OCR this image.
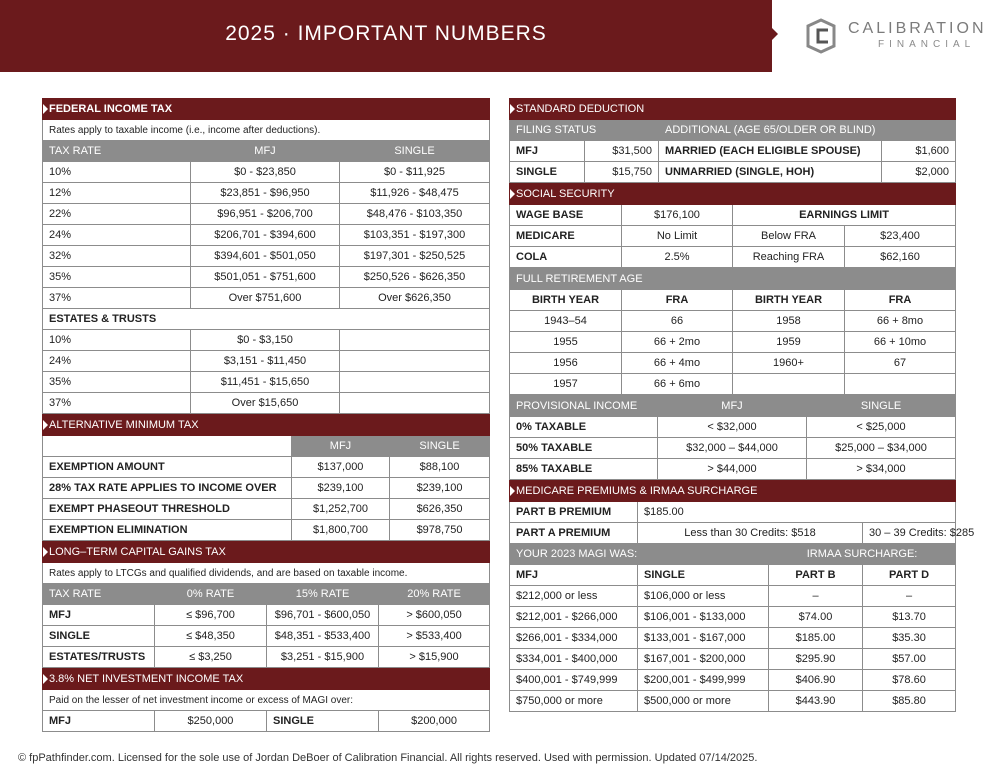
2025 · IMPORTANT NUMBERS	CALIBRATION
FINANCIAL
FEDERAL INCOME TAX		
Rates apply to taxable income (i.e., income after deductions).		
TAX RATE	MFJ	SINGLE
10%	$0 - $23,850	$0 - $11,925
12%	$23,851 - $96,950	$11,926 - $48,475
22%	$96,951 - $206,700	$48,476 - $103,350
24%	$206,701 - $394,600	$103,351 - $197,300
32%	$394,601 - $501,050	$197,301 - $250,525
35%	$501,051 - $751,600	$250,526 - $626,350
37%	Over $751,600	Over $626,350
ESTATES & TRUSTS		
10%	$0 - $3,150	
24%	$3,151 - $11,450	
35%	$11,451 - $15,650	
37%	Over $15,650	
ALTERNATIVE MINIMUM TAX		
	MFJ	SINGLE
EXEMPTION AMOUNT	$137,000	$88,100
28% TAX RATE APPLIES TO INCOME OVER	$239,100	$239,100
EXEMPT PHASEOUT THRESHOLD	$1,252,700	$626,350
EXEMPTION ELIMINATION	$1,800,700	$978,750
LONG–TERM CAPITAL GAINS TAX			
Rates apply to LTCGs and qualified dividends, and are based on taxable income.			
TAX RATE	0% RATE	15% RATE	20% RATE
MFJ	≤ $96,700	$96,701 - $600,050	> $600,050
SINGLE	≤ $48,350	$48,351 - $533,400	> $533,400
ESTATES/TRUSTS	≤ $3,250	$3,251 - $15,900	> $15,900
3.8% NET INVESTMENT INCOME TAX
Paid on the lesser of net investment income or excess of MAGI over:
MFJ	$250,000	SINGLE	$200,000
STANDARD DEDUCTION			
FILING STATUS		ADDITIONAL (AGE 65/OLDER OR BLIND)	
MFJ	$31,500	MARRIED (EACH ELIGIBLE SPOUSE)	$1,600
SINGLE	$15,750	UNMARRIED (SINGLE, HOH)	$2,000
SOCIAL SECURITY			
WAGE BASE	$176,100	EARNINGS LIMIT	
MEDICARE	No Limit	Below FRA	$23,400
COLA	2.5%	Reaching FRA	$62,160
FULL RETIREMENT AGE			
BIRTH YEAR	FRA	BIRTH YEAR	FRA
1943–54	66	1958	66 + 8mo
1955	66 + 2mo	1959	66 + 10mo
1956	66 + 4mo	1960+	67
1957	66 + 6mo		
PROVISIONAL INCOME	MFJ	SINGLE
0% TAXABLE	< $32,000	< $25,000
50% TAXABLE	$32,000 – $44,000	$25,000 – $34,000
85% TAXABLE	> $44,000	> $34,000
MEDICARE PREMIUMS & IRMAA SURCHARGE			
PART B PREMIUM	$185.00		
PART A PREMIUM	Less than 30 Credits: $518		30 – 39 Credits: $285
YOUR 2023 MAGI WAS:		IRMAA SURCHARGE:	
MFJ	SINGLE	PART B	PART D
$212,000 or less	$106,000 or less	–	–
$212,001 - $266,000	$106,001 - $133,000	$74.00	$13.70
$266,001 - $334,000	$133,001 - $167,000	$185.00	$35.30
$334,001 - $400,000	$167,001 - $200,000	$295.90	$57.00
$400,001 - $749,999	$200,001 - $499,999	$406.90	$78.60
$750,000 or more	$500,000 or more	$443.90	$85.80
© fpPathfinder.com. Licensed for the sole use of Jordan DeBoer of Calibration Financial. All rights reserved. Used with permission. Updated 07/14/2025.
